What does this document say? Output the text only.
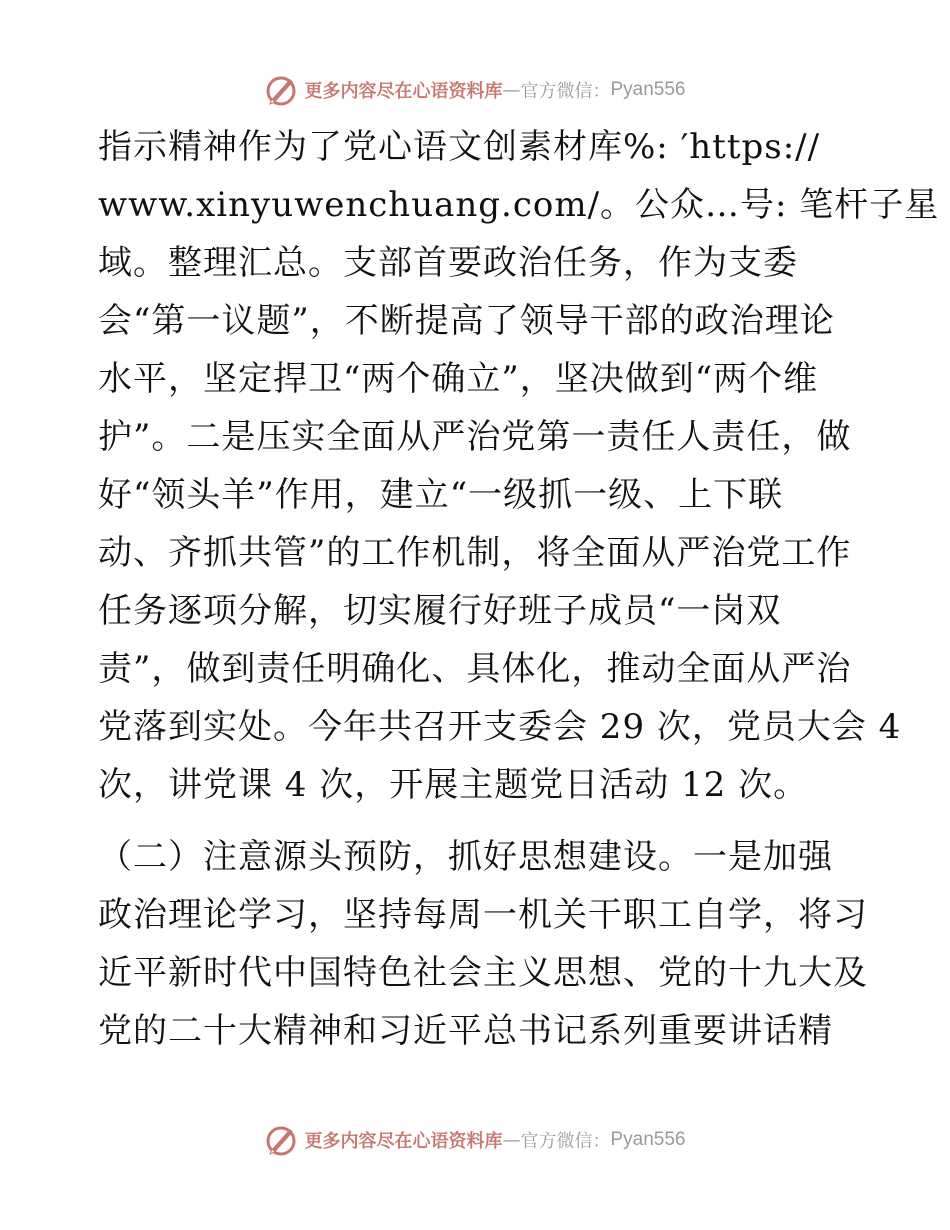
更多内容尽在心语资料库 — 官方微信： Pyan556
指示精神作为了党心语文创素材库%: ′https://
www.xinyuwenchuang.com/。公众…号: 笔杆子星
域。整理汇总。支部首要政治任务，作为支委
会“第一议题”，不断提高了领导干部的政治理论
水平，坚定捍卫“两个确立”，坚决做到“两个维
护”。二是压实全面从严治党第一责任人责任，做
好“领头羊”作用，建立“一级抓一级、上下联
动、齐抓共管”的工作机制，将全面从严治党工作
任务逐项分解，切实履行好班子成员“一岗双
责”，做到责任明确化、具体化，推动全面从严治
党落到实处。今年共召开支委会 29 次，党员大会 4
次，讲党课 4 次，开展主题党日活动 12 次。
（二）注意源头预防，抓好思想建设。一是加强
政治理论学习，坚持每周一机关干职工自学，将习
近平新时代中国特色社会主义思想、党的十九大及
党的二十大精神和习近平总书记系列重要讲话精
更多内容尽在心语资料库 — 官方微信： Pyan556
